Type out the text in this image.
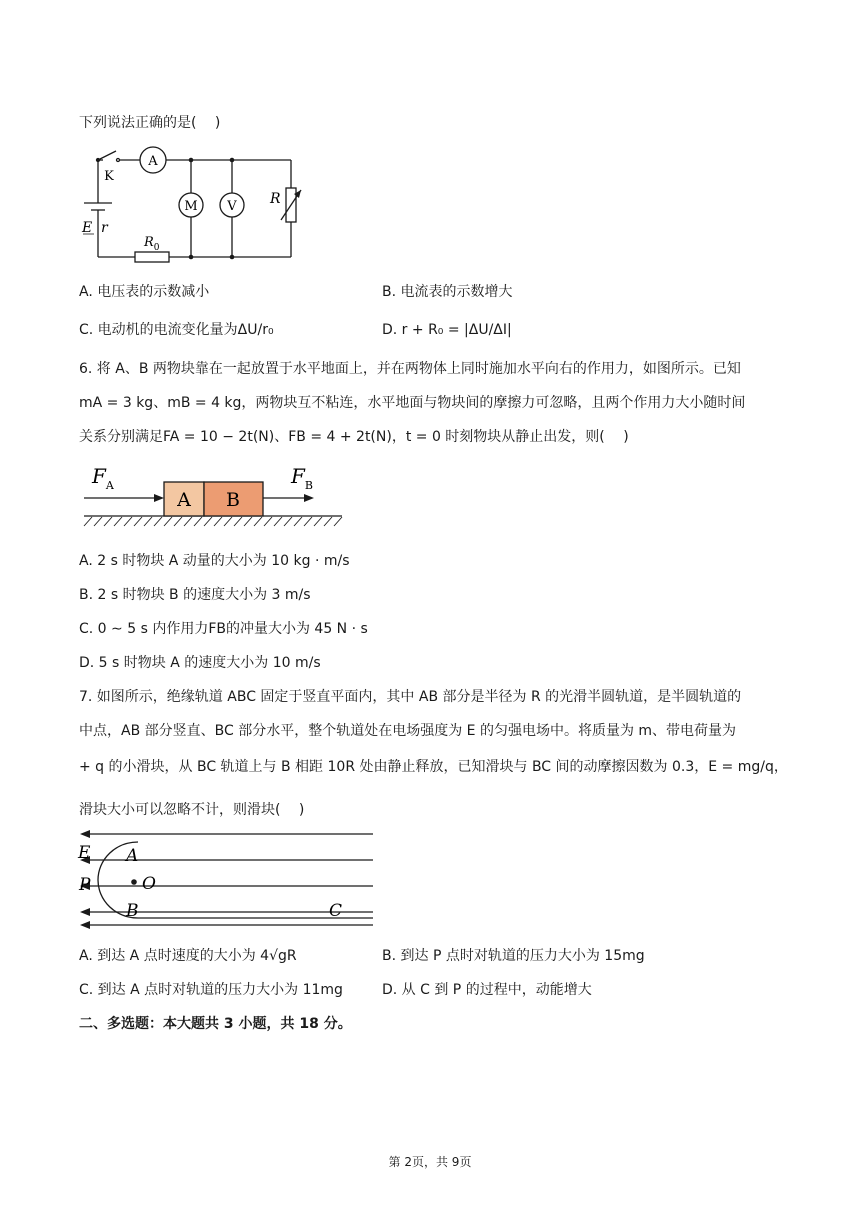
下列说法正确的是(　 )
A
M V
K
E r
R
$R_0$
A. 电压表的示数减小	B. 电流表的示数增大
C. 电动机的电流变化量为ΔU/r₀	D. r + R₀ = |ΔU/ΔI|
6. 将 A、B 两物块靠在一起放置于水平地面上，并在两物体上同时施加水平向右的作用力，如图所示。已知
mA = 3 kg、mB = 4 kg，两物块互不粘连，水平地面与物块间的摩擦力可忽略，且两个作用力大小随时间
关系分别满足FA = 10 − 2t(N)、FB = 4 + 2t(N)，t = 0 时刻物块从静止出发，则(　 )
A B
$F_A$	$F_B$
A. 2 s 时物块 A 动量的大小为 10 kg · m/s
B. 2 s 时物块 B 的速度大小为 3 m/s
C. 0 ∼ 5 s 内作用力FB的冲量大小为 45 N · s
D. 5 s 时物块 A 的速度大小为 10 m/s
7. 如图所示，绝缘轨道 ABC 固定于竖直平面内，其中 AB 部分是半径为 R 的光滑半圆轨道，是半圆轨道的
中点，AB 部分竖直、BC 部分水平，整个轨道处在电场强度为 E 的匀强电场中。将质量为 m、带电荷量为
+ q 的小滑块，从 BC 轨道上与 B 相距 10R 处由静止释放，已知滑块与 BC 间的动摩擦因数为 0.3，E = mg/q，
滑块大小可以忽略不计，则滑块(　 )
E
P
A
O
B	C
A. 到达 A 点时速度的大小为 4√gR	B. 到达 P 点时对轨道的压力大小为 15mg
C. 到达 A 点时对轨道的压力大小为 11mg	D. 从 C 到 P 的过程中，动能增大
二、多选题：本大题共 3 小题，共 18 分。
第 2页，共 9页
